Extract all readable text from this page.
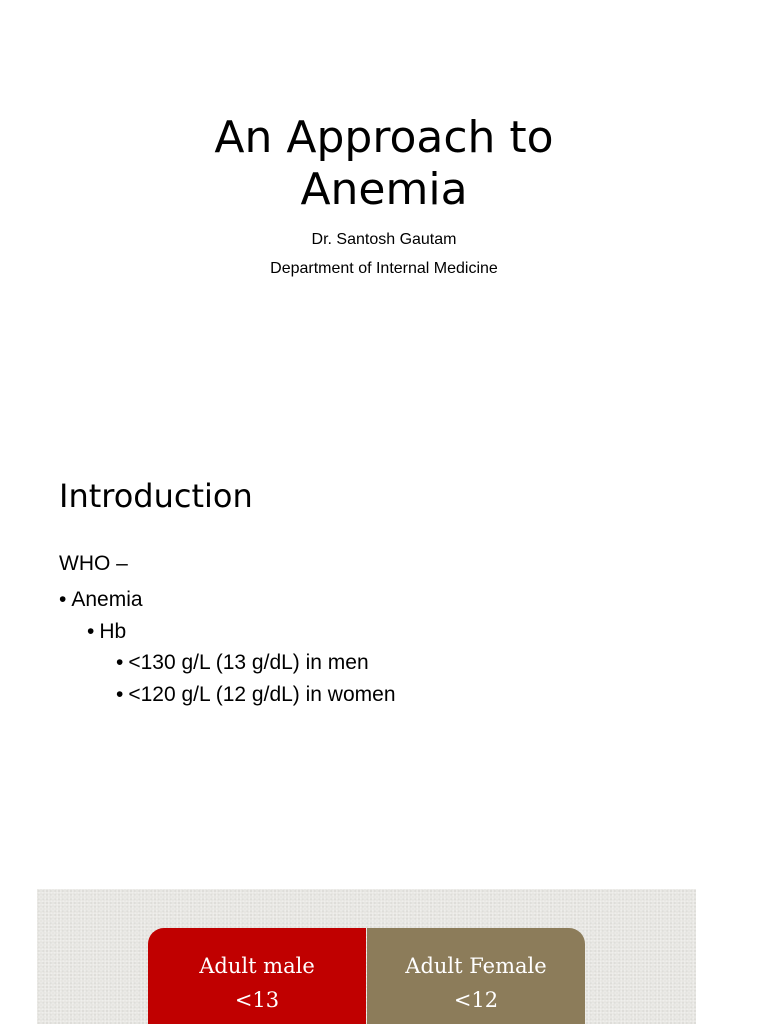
An Approach to
Anemia
Dr. Santosh Gautam
Department of Internal Medicine
Introduction
WHO –
• Anemia
• Hb
• <130 g/L (13 g/dL) in men
• <120 g/L (12 g/dL) in women
Adult male
<13
Adult Female
<12
